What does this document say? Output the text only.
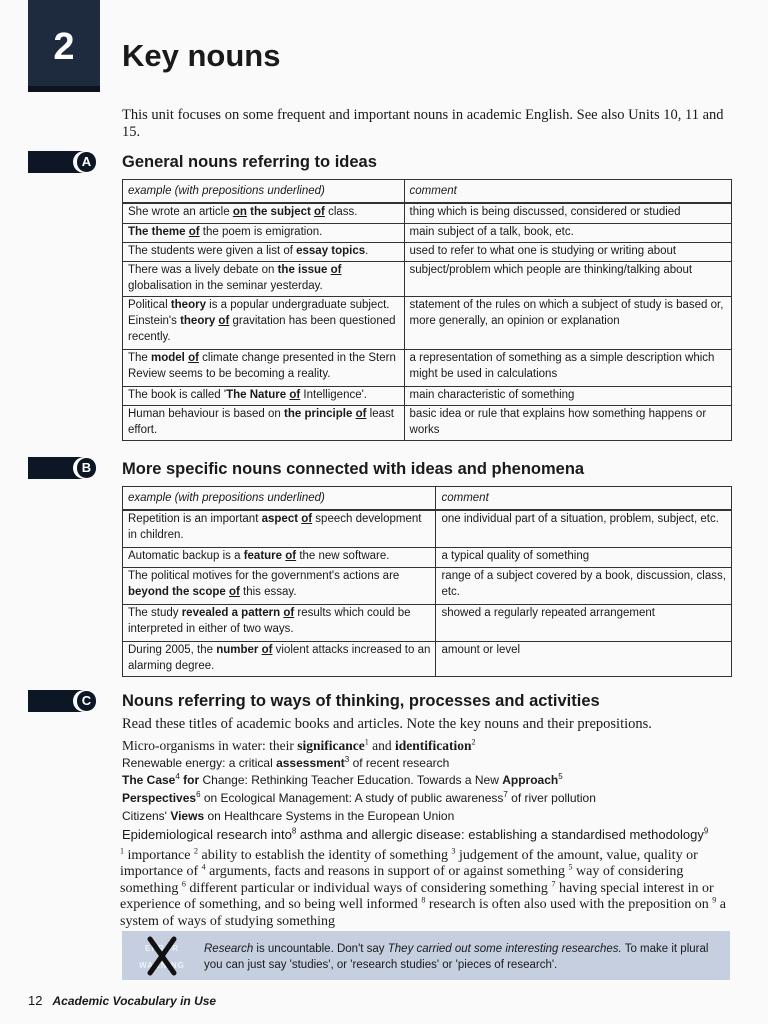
2	Key nouns

This unit focuses on some frequent and important nouns in academic English. See also Units 10, 11 and 15.

A General nouns referring to ideas
example (with prepositions underlined)	comment
She wrote an article on the subject of class.	thing which is being discussed, considered or studied
The theme of the poem is emigration.	main subject of a talk, book, etc.
The students were given a list of essay topics.	used to refer to what one is studying or writing about
There was a lively debate on the issue of globalisation in the seminar yesterday.	subject/problem which people are thinking/talking about
Political theory is a popular undergraduate subject. Einstein's theory of gravitation has been questioned recently.	statement of the rules on which a subject of study is based or, more generally, an opinion or explanation
The model of climate change presented in the Stern Review seems to be becoming a reality.	a representation of something as a simple description which might be used in calculations
The book is called 'The Nature of Intelligence'.	main characteristic of something
Human behaviour is based on the principle of least effort.	basic idea or rule that explains how something happens or works
B More specific nouns connected with ideas and phenomena
example (with prepositions underlined)	comment
Repetition is an important aspect of speech development in children.	one individual part of a situation, problem, subject, etc.
Automatic backup is a feature of the new software.	a typical quality of something
The political motives for the government's actions are beyond the scope of this essay.	range of a subject covered by a book, discussion, class, etc.
The study revealed a pattern of results which could be interpreted in either of two ways.	showed a regularly repeated arrangement
During 2005, the number of violent attacks increased to an alarming degree.	amount or level
C Nouns referring to ways of thinking, processes and activities

Read these titles of academic books and articles. Note the key nouns and their prepositions.

Micro-organisms in water: their significance$^1$ and identification$^2$
Renewable energy: a critical assessment$^3$ of recent research
The Case$^4$ for Change: Rethinking Teacher Education. Towards a New Approach$^5$
Perspectives$^6$ on Ecological Management: A study of public awareness$^7$ of river pollution
Citizens' Views on Healthcare Systems in the European Union
Epidemiological research into$^8$ asthma and allergic disease: establishing a standardised methodology$^9$
$^1$ importance $^2$ ability to establish the identity of something $^3$ judgement of the amount, value, quality or importance of $^4$ arguments, facts and reasons in support of or against something $^5$ way of considering something $^6$ different particular or individual ways of considering something $^7$ having special interest in or experience of something, and so being well informed $^8$ research is often also used with the preposition on $^9$ a system of ways of studying something
ERROR
WARNING
Research is uncountable. Don't say They carried out some interesting researches. To make it plural you can just say 'studies', or 'research studies' or 'pieces of research'.
12 Academic Vocabulary in Use
